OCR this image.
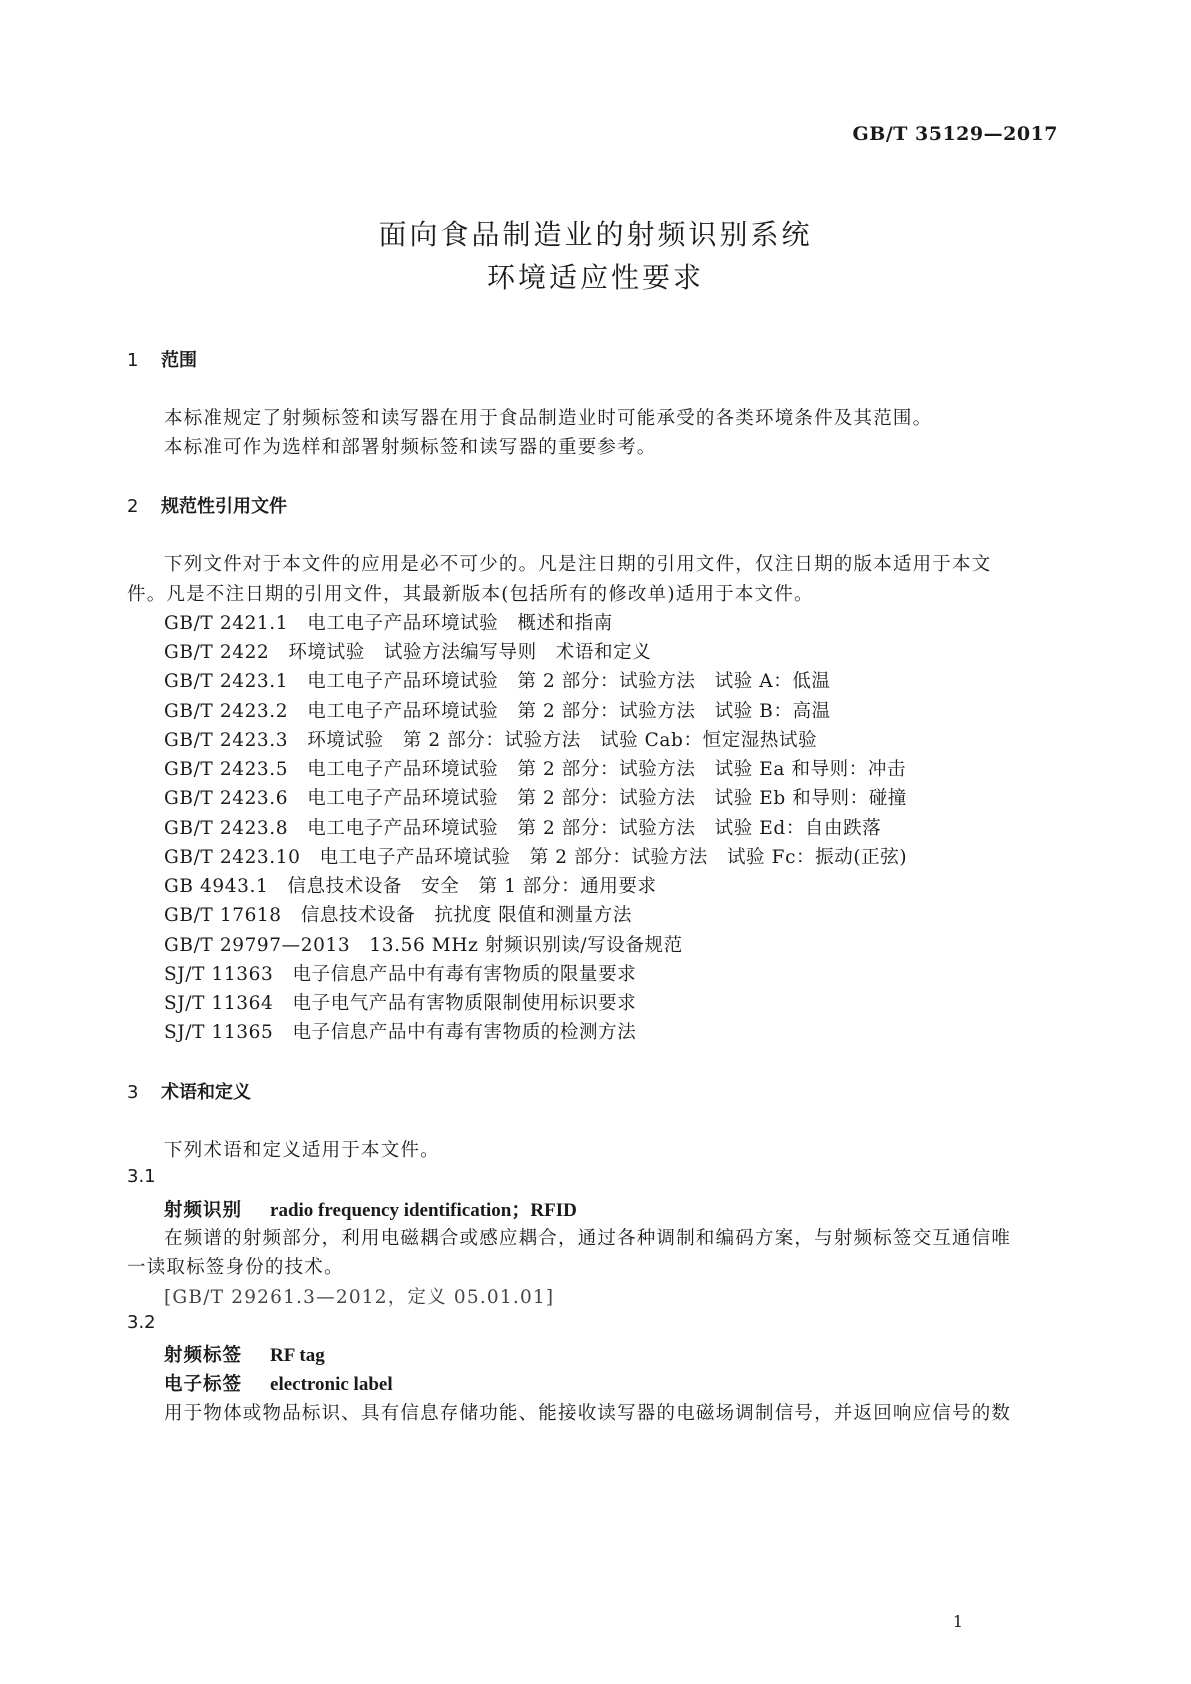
GB/T 35129—2017
面向食品制造业的射频识别系统
环境适应性要求
1 范围
本标准规定了射频标签和读写器在用于食品制造业时可能承受的各类环境条件及其范围。
本标准可作为选样和部署射频标签和读写器的重要参考。
2 规范性引用文件
下列文件对于本文件的应用是必不可少的。凡是注日期的引用文件，仅注日期的版本适用于本文
件。凡是不注日期的引用文件，其最新版本(包括所有的修改单)适用于本文件。
GB/T 2421.1　电工电子产品环境试验　概述和指南
GB/T 2422　环境试验　试验方法编写导则　术语和定义
GB/T 2423.1　电工电子产品环境试验　第 2 部分：试验方法　试验 A：低温
GB/T 2423.2　电工电子产品环境试验　第 2 部分：试验方法　试验 B：高温
GB/T 2423.3　环境试验　第 2 部分：试验方法　试验 Cab：恒定湿热试验
GB/T 2423.5　电工电子产品环境试验　第 2 部分：试验方法　试验 Ea 和导则：冲击
GB/T 2423.6　电工电子产品环境试验　第 2 部分：试验方法　试验 Eb 和导则：碰撞
GB/T 2423.8　电工电子产品环境试验　第 2 部分：试验方法　试验 Ed：自由跌落
GB/T 2423.10　电工电子产品环境试验　第 2 部分：试验方法　试验 Fc：振动(正弦)
GB 4943.1　信息技术设备　安全　第 1 部分：通用要求
GB/T 17618　信息技术设备　抗扰度 限值和测量方法
GB/T 29797—2013　13.56 MHz 射频识别读/写设备规范
SJ/T 11363　电子信息产品中有毒有害物质的限量要求
SJ/T 11364　电子电气产品有害物质限制使用标识要求
SJ/T 11365　电子信息产品中有毒有害物质的检测方法
3 术语和定义
下列术语和定义适用于本文件。
3.1
射频识别 radio frequency identification；RFID
在频谱的射频部分，利用电磁耦合或感应耦合，通过各种调制和编码方案，与射频标签交互通信唯
一读取标签身份的技术。
[GB/T 29261.3—2012，定义 05.01.01]
3.2
射频标签 RF tag
电子标签 electronic label
用于物体或物品标识、具有信息存储功能、能接收读写器的电磁场调制信号，并返回响应信号的数
1
